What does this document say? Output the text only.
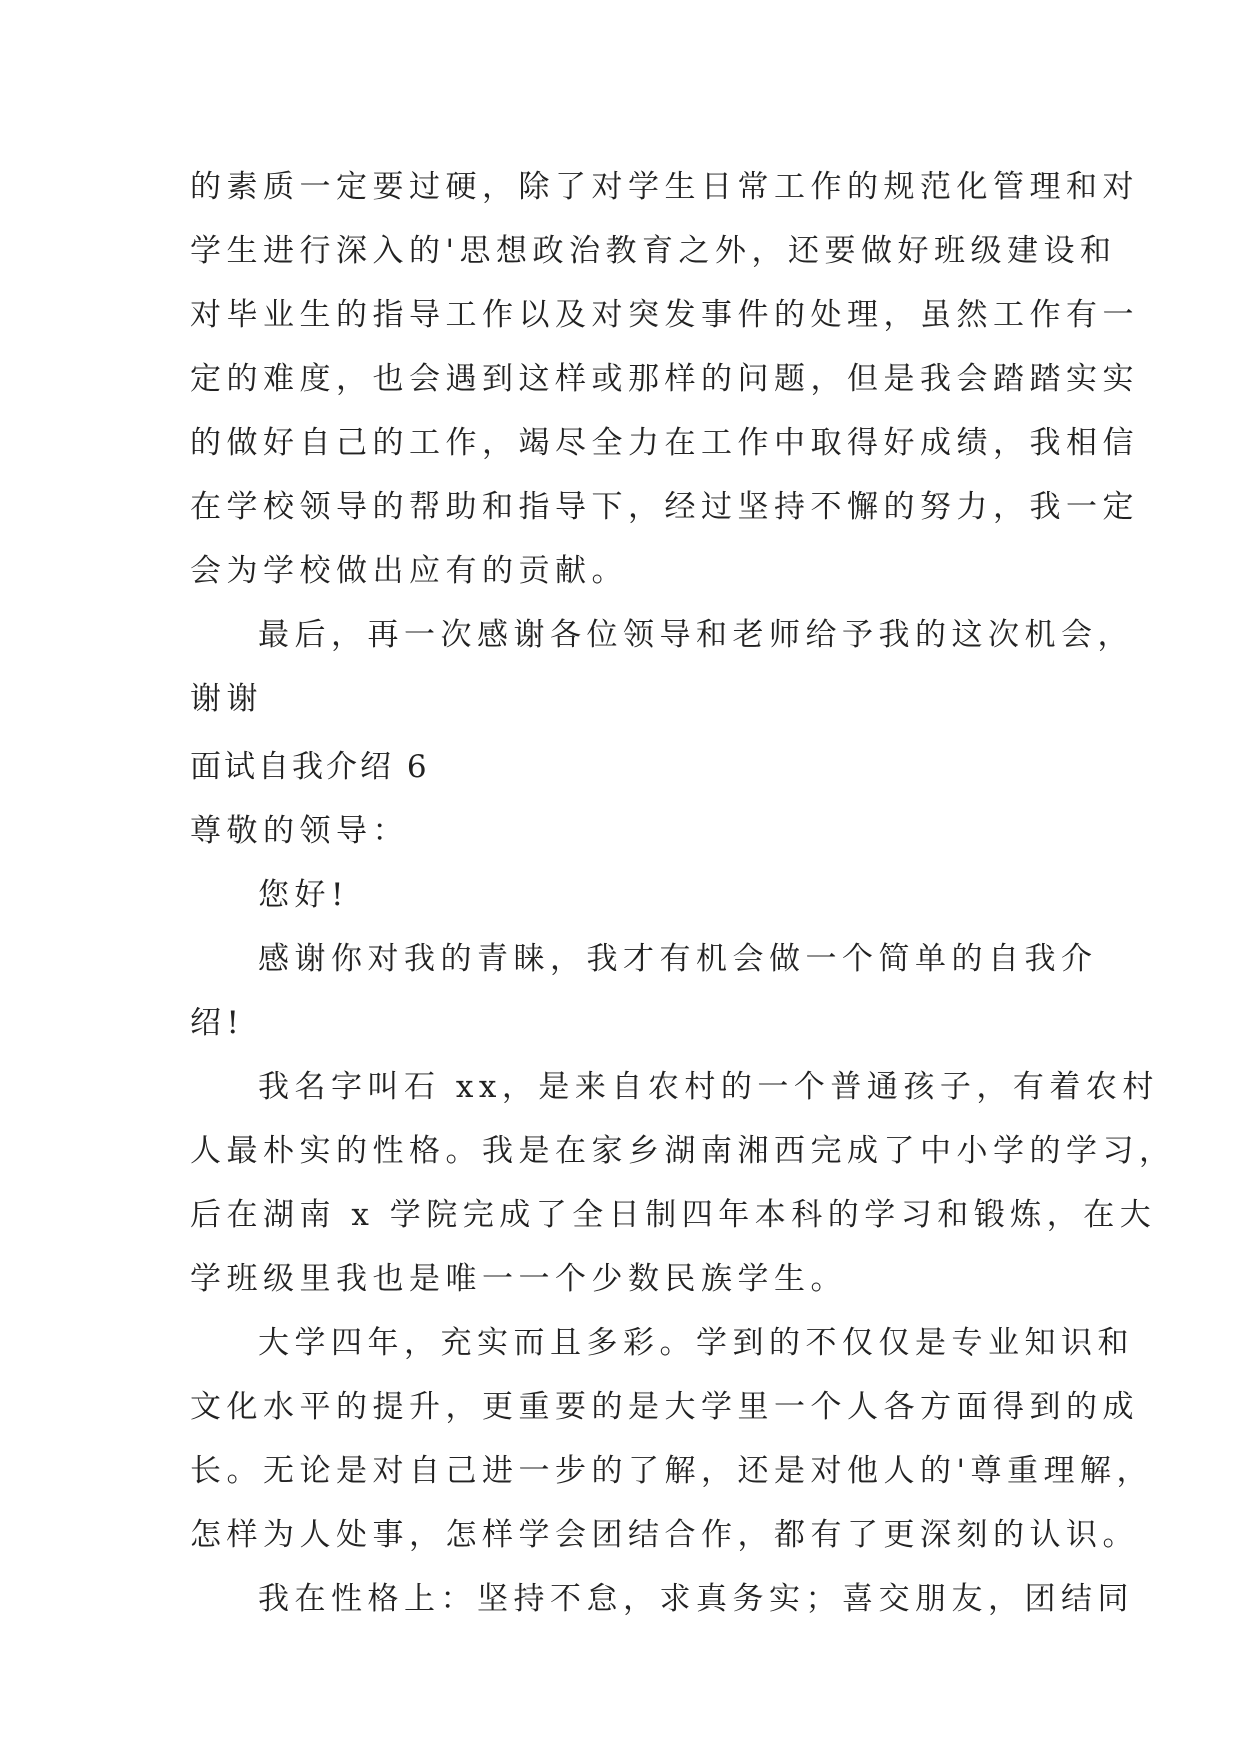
的素质一定要过硬，除了对学生日常工作的规范化管理和对
学生进行深入的'思想政治教育之外，还要做好班级建设和
对毕业生的指导工作以及对突发事件的处理，虽然工作有一
定的难度，也会遇到这样或那样的问题，但是我会踏踏实实
的做好自己的工作，竭尽全力在工作中取得好成绩，我相信
在学校领导的帮助和指导下，经过坚持不懈的努力，我一定
会为学校做出应有的贡献。
最后，再一次感谢各位领导和老师给予我的这次机会，
谢谢
面试自我介绍 6
尊敬的领导：
您好!
感谢你对我的青睐，我才有机会做一个简单的自我介
绍!
我名字叫石 xx，是来自农村的一个普通孩子，有着农村
人最朴实的性格。我是在家乡湖南湘西完成了中小学的学习，
后在湖南 x 学院完成了全日制四年本科的学习和锻炼，在大
学班级里我也是唯一一个少数民族学生。
大学四年，充实而且多彩。学到的不仅仅是专业知识和
文化水平的提升，更重要的是大学里一个人各方面得到的成
长。无论是对自己进一步的了解，还是对他人的'尊重理解，
怎样为人处事，怎样学会团结合作，都有了更深刻的认识。
我在性格上：坚持不怠，求真务实；喜交朋友，团结同
